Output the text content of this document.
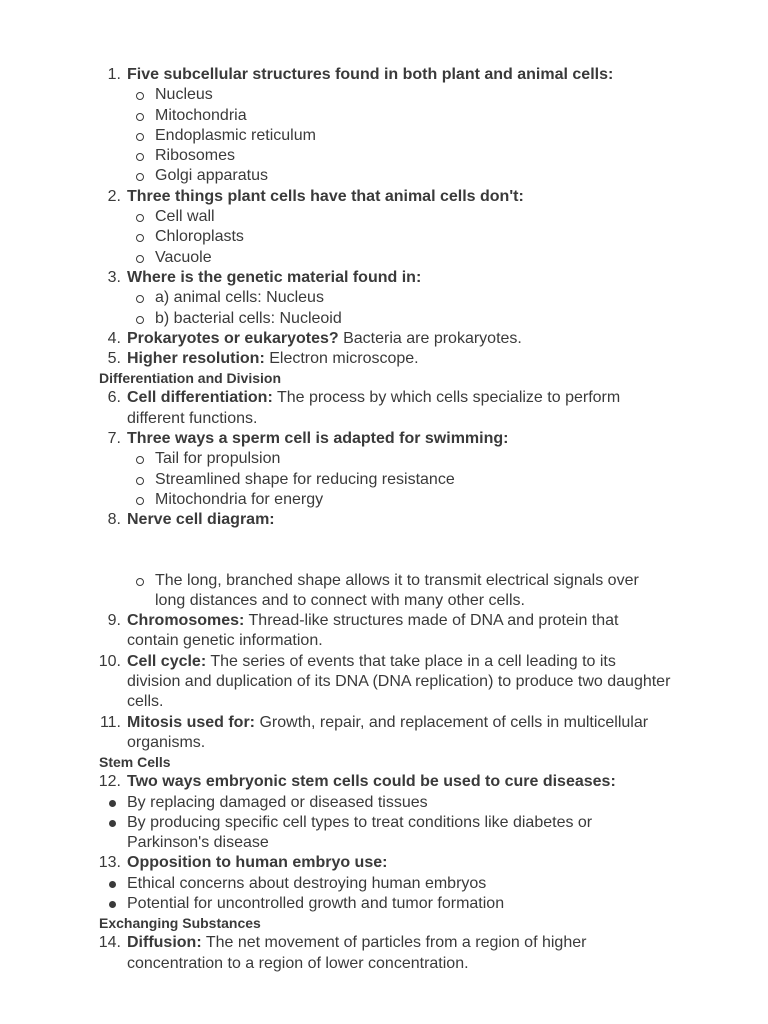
1. Five subcellular structures found in both plant and animal cells:
Nucleus
Mitochondria
Endoplasmic reticulum
Ribosomes
Golgi apparatus
2. Three things plant cells have that animal cells don't:
Cell wall
Chloroplasts
Vacuole
3. Where is the genetic material found in:
a) animal cells: Nucleus
b) bacterial cells: Nucleoid
4. Prokaryotes or eukaryotes? Bacteria are prokaryotes.
5. Higher resolution: Electron microscope.
Differentiation and Division
6. Cell differentiation: The process by which cells specialize to perform different functions.
7. Three ways a sperm cell is adapted for swimming:
Tail for propulsion
Streamlined shape for reducing resistance
Mitochondria for energy
8. Nerve cell diagram:
The long, branched shape allows it to transmit electrical signals over long distances and to connect with many other cells.
9. Chromosomes: Thread-like structures made of DNA and protein that contain genetic information.
10. Cell cycle: The series of events that take place in a cell leading to its division and duplication of its DNA (DNA replication) to produce two daughter cells.
11. Mitosis used for: Growth, repair, and replacement of cells in multicellular organisms.
Stem Cells
12. Two ways embryonic stem cells could be used to cure diseases:
By replacing damaged or diseased tissues
By producing specific cell types to treat conditions like diabetes or Parkinson's disease
13. Opposition to human embryo use:
Ethical concerns about destroying human embryos
Potential for uncontrolled growth and tumor formation
Exchanging Substances
14. Diffusion: The net movement of particles from a region of higher concentration to a region of lower concentration.
